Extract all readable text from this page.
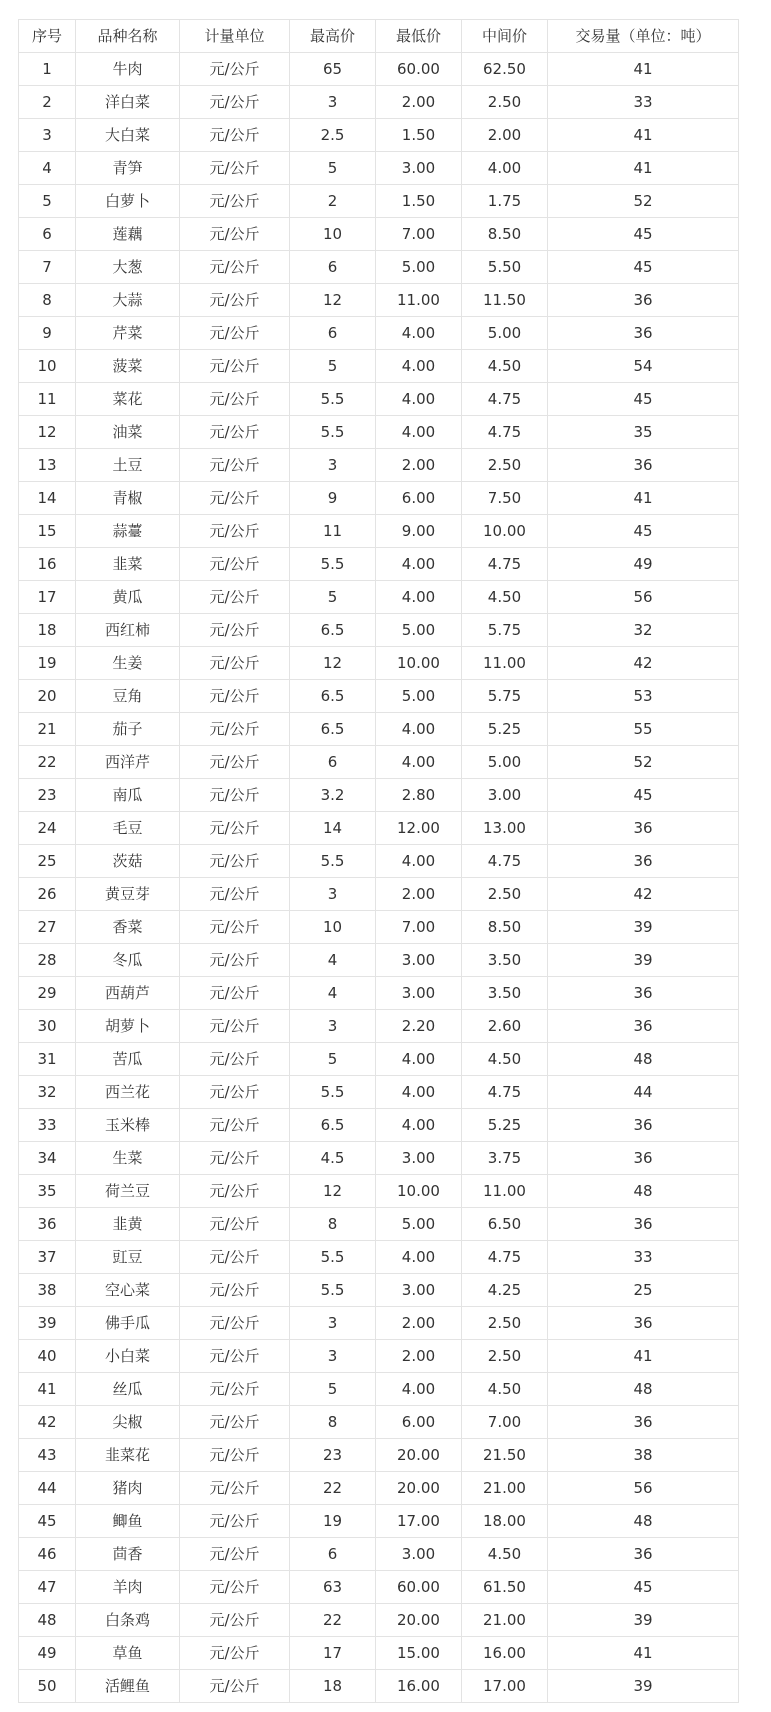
序号	品种名称	计量单位	最高价	最低价	中间价	交易量（单位：吨）
1	牛肉	元/公斤	65	60.00	62.50	41
2	洋白菜	元/公斤	3	2.00	2.50	33
3	大白菜	元/公斤	2.5	1.50	2.00	41
4	青笋	元/公斤	5	3.00	4.00	41
5	白萝卜	元/公斤	2	1.50	1.75	52
6	莲藕	元/公斤	10	7.00	8.50	45
7	大葱	元/公斤	6	5.00	5.50	45
8	大蒜	元/公斤	12	11.00	11.50	36
9	芹菜	元/公斤	6	4.00	5.00	36
10	菠菜	元/公斤	5	4.00	4.50	54
11	菜花	元/公斤	5.5	4.00	4.75	45
12	油菜	元/公斤	5.5	4.00	4.75	35
13	土豆	元/公斤	3	2.00	2.50	36
14	青椒	元/公斤	9	6.00	7.50	41
15	蒜薹	元/公斤	11	9.00	10.00	45
16	韭菜	元/公斤	5.5	4.00	4.75	49
17	黄瓜	元/公斤	5	4.00	4.50	56
18	西红柿	元/公斤	6.5	5.00	5.75	32
19	生姜	元/公斤	12	10.00	11.00	42
20	豆角	元/公斤	6.5	5.00	5.75	53
21	茄子	元/公斤	6.5	4.00	5.25	55
22	西洋芹	元/公斤	6	4.00	5.00	52
23	南瓜	元/公斤	3.2	2.80	3.00	45
24	毛豆	元/公斤	14	12.00	13.00	36
25	茨菇	元/公斤	5.5	4.00	4.75	36
26	黄豆芽	元/公斤	3	2.00	2.50	42
27	香菜	元/公斤	10	7.00	8.50	39
28	冬瓜	元/公斤	4	3.00	3.50	39
29	西葫芦	元/公斤	4	3.00	3.50	36
30	胡萝卜	元/公斤	3	2.20	2.60	36
31	苦瓜	元/公斤	5	4.00	4.50	48
32	西兰花	元/公斤	5.5	4.00	4.75	44
33	玉米棒	元/公斤	6.5	4.00	5.25	36
34	生菜	元/公斤	4.5	3.00	3.75	36
35	荷兰豆	元/公斤	12	10.00	11.00	48
36	韭黄	元/公斤	8	5.00	6.50	36
37	豇豆	元/公斤	5.5	4.00	4.75	33
38	空心菜	元/公斤	5.5	3.00	4.25	25
39	佛手瓜	元/公斤	3	2.00	2.50	36
40	小白菜	元/公斤	3	2.00	2.50	41
41	丝瓜	元/公斤	5	4.00	4.50	48
42	尖椒	元/公斤	8	6.00	7.00	36
43	韭菜花	元/公斤	23	20.00	21.50	38
44	猪肉	元/公斤	22	20.00	21.00	56
45	鲫鱼	元/公斤	19	17.00	18.00	48
46	茴香	元/公斤	6	3.00	4.50	36
47	羊肉	元/公斤	63	60.00	61.50	45
48	白条鸡	元/公斤	22	20.00	21.00	39
49	草鱼	元/公斤	17	15.00	16.00	41
50	活鲤鱼	元/公斤	18	16.00	17.00	39
